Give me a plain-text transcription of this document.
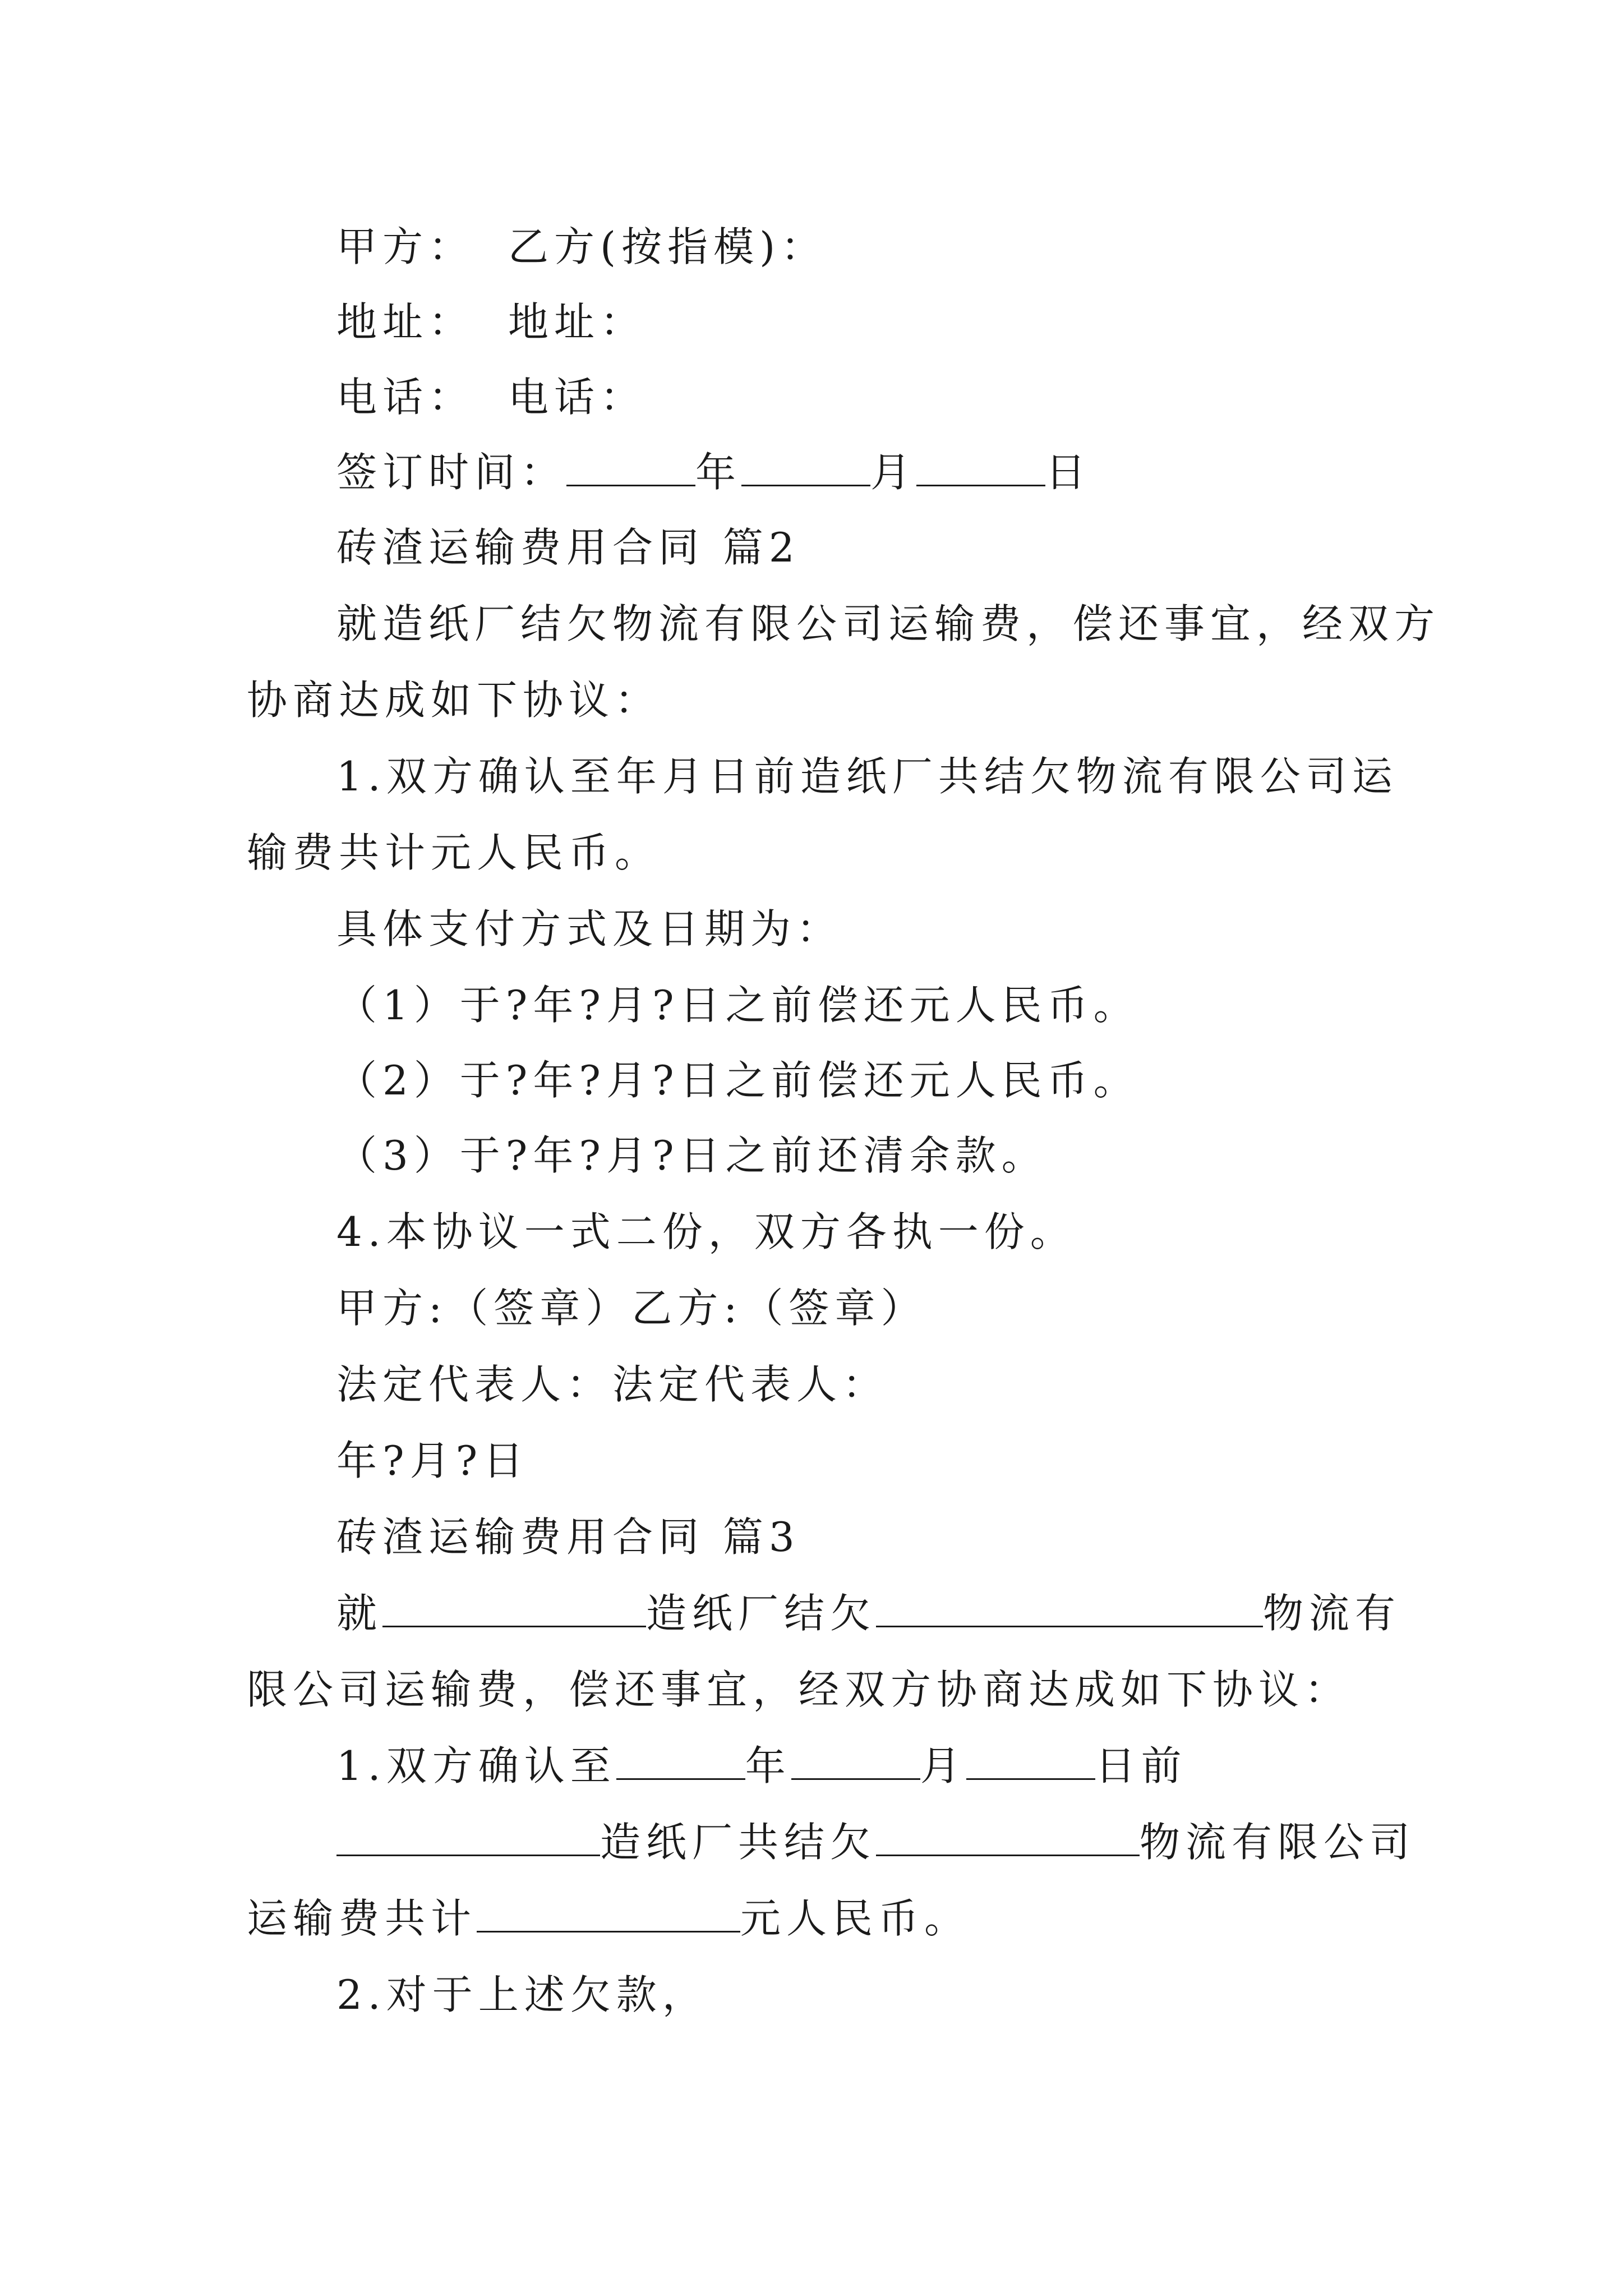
甲方： 乙方(按指模)：
地址： 地址：
电话： 电话：
签订时间：	年	月	日
砖渣运输费用合同 篇2
就造纸厂结欠物流有限公司运输费，偿还事宜，经双方
协商达成如下协议：
1.双方确认至年月日前造纸厂共结欠物流有限公司运
输费共计元人民币。
具体支付方式及日期为：
（1）于?年?月?日之前偿还元人民币。
（2）于?年?月?日之前偿还元人民币。
（3）于?年?月?日之前还清余款。
4.本协议一式二份，双方各执一份。
甲方:（签章）乙方:（签章）
法定代表人：法定代表人：
年?月?日
砖渣运输费用合同 篇3
就	造纸厂结欠	物流有
限公司运输费，偿还事宜，经双方协商达成如下协议：
1.双方确认至	年	月	日前
造纸厂共结欠	物流有限公司
运输费共计	元人民币。
2.对于上述欠款，
